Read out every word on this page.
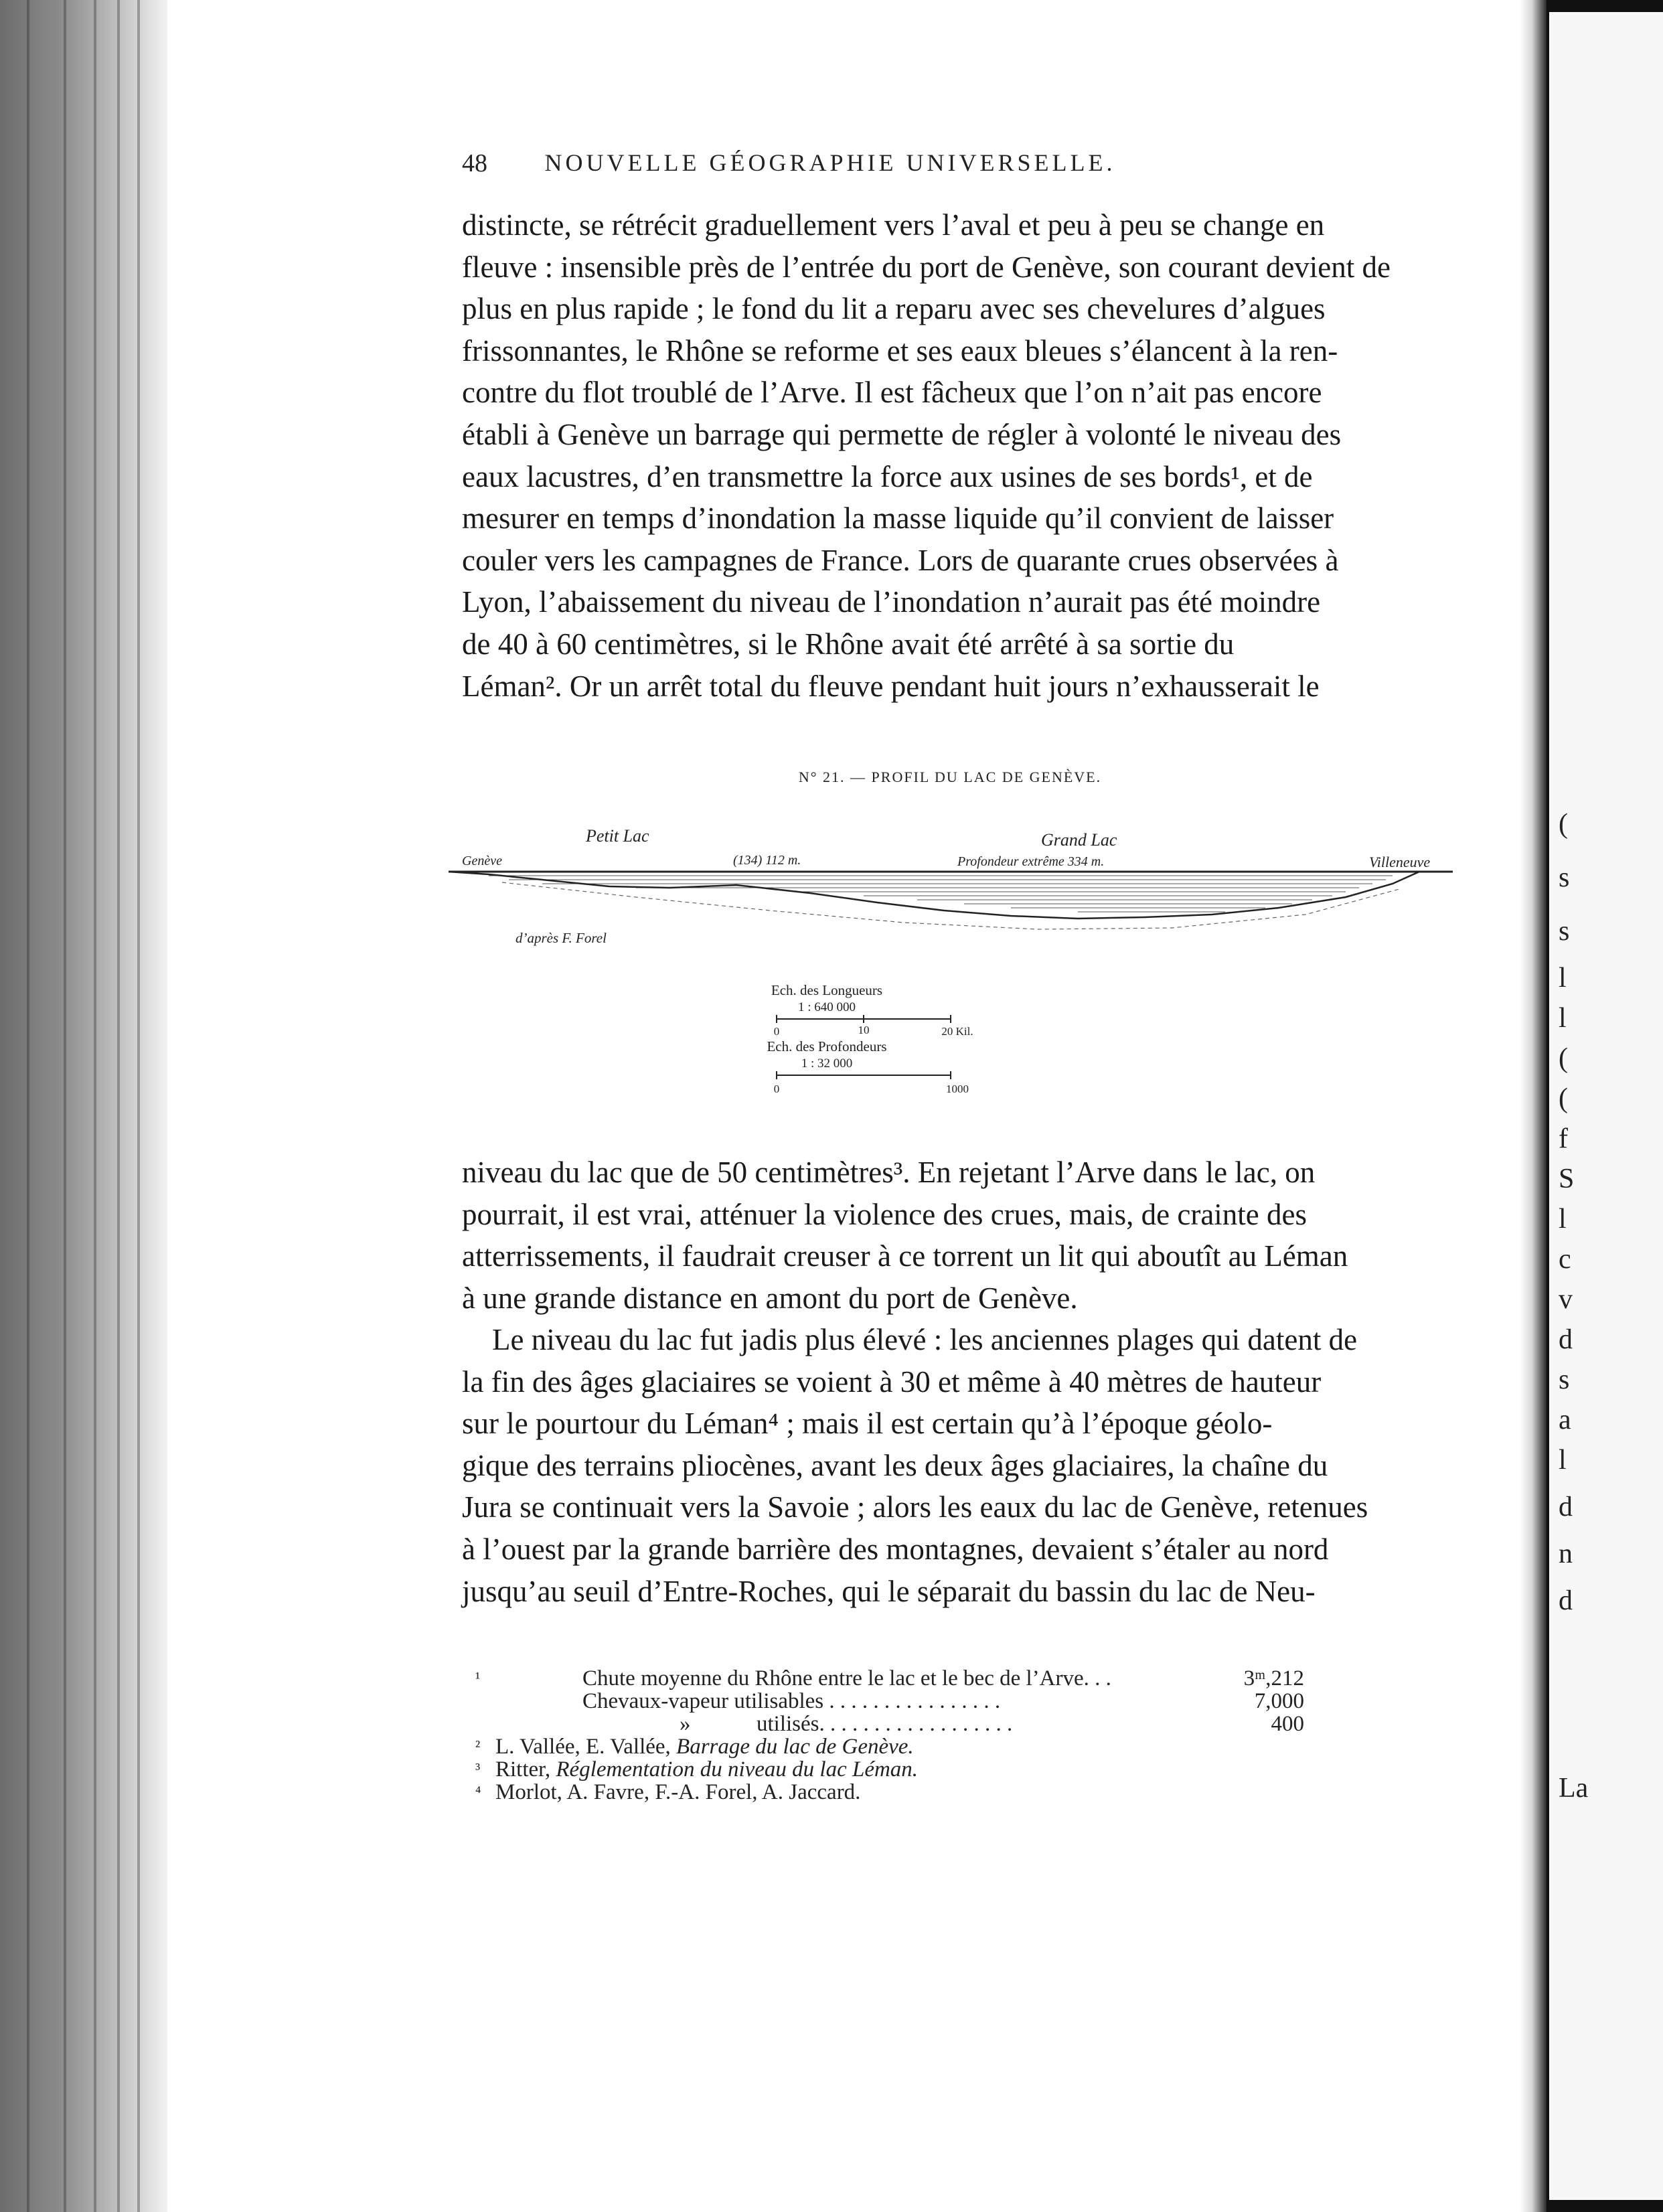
(
s
s
l
l
(
(
f
S
l
c
v
d
s
a
l
d
n
d
La
48	NOUVELLE GÉOGRAPHIE UNIVERSELLE.
distincte, se rétrécit graduellement vers l’aval et peu à peu se change en
fleuve : insensible près de l’entrée du port de Genève, son courant devient de
plus en plus rapide ; le fond du lit a reparu avec ses chevelures d’algues
frissonnantes, le Rhône se reforme et ses eaux bleues s’élancent à la ren-
contre du flot troublé de l’Arve. Il est fâcheux que l’on n’ait pas encore
établi à Genève un barrage qui permette de régler à volonté le niveau des
eaux lacustres, d’en transmettre la force aux usines de ses bords¹, et de
mesurer en temps d’inondation la masse liquide qu’il convient de laisser
couler vers les campagnes de France. Lors de quarante crues observées à
Lyon, l’abaissement du niveau de l’inondation n’aurait pas été moindre
de 40 à 60 centimètres, si le Rhône avait été arrêté à sa sortie du
Léman². Or un arrêt total du fleuve pendant huit jours n’exhausserait le
N° 21. — PROFIL DU LAC DE GENÈVE.
Petit Lac	Grand Lac
Genève	(134) 112 m.	Profondeur extrême 334 m.	Villeneuve
d’après F. Forel
Ech. des Longueurs
1 : 640 000
0	10	20 Kil.
Ech. des Profondeurs
1 : 32 000
0	1000
niveau du lac que de 50 centimètres³. En rejetant l’Arve dans le lac, on
pourrait, il est vrai, atténuer la violence des crues, mais, de crainte des
atterrissements, il faudrait creuser à ce torrent un lit qui aboutît au Léman
à une grande distance en amont du port de Genève.
Le niveau du lac fut jadis plus élevé : les anciennes plages qui datent de
la fin des âges glaciaires se voient à 30 et même à 40 mètres de hauteur
sur le pourtour du Léman⁴ ; mais il est certain qu’à l’époque géolo-
gique des terrains pliocènes, avant les deux âges glaciaires, la chaîne du
Jura se continuait vers la Savoie ; alors les eaux du lac de Genève, retenues
à l’ouest par la grande barrière des montagnes, devaient s’étaler au nord
jusqu’au seuil d’Entre-Roches, qui le séparait du bassin du lac de Neu-
¹	Chute moyenne du Rhône entre le lac et le bec de l’Arve. . .	3ᵐ,212
Chevaux-vapeur utilisables . . . . . . . . . . . . . . . .	7,000
»	utilisés. . . . . . . . . . . . . . . . . .	400
² L. Vallée, E. Vallée, Barrage du lac de Genève.
³ Ritter, Réglementation du niveau du lac Léman.
⁴ Morlot, A. Favre, F.-A. Forel, A. Jaccard.
